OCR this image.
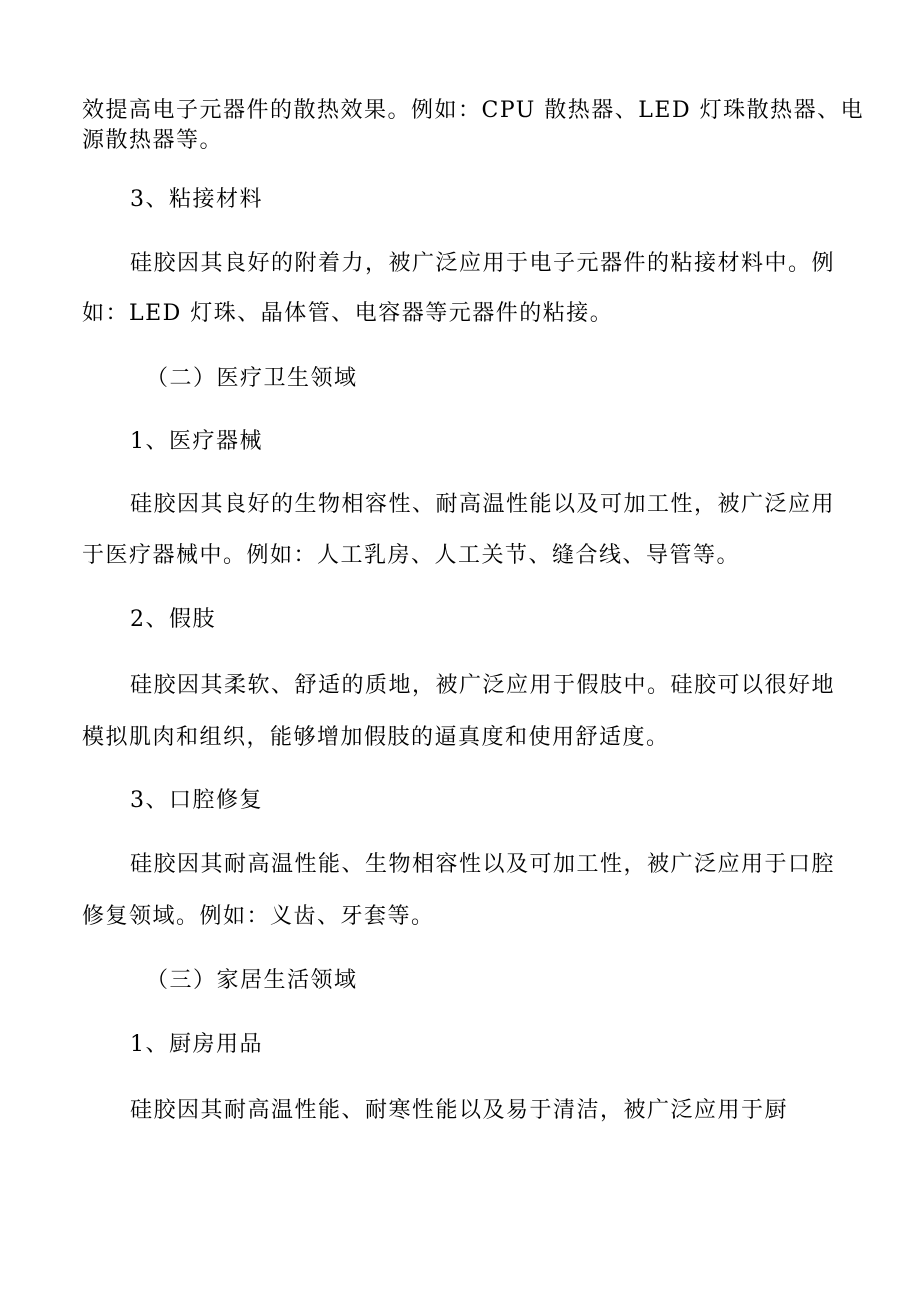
效提高电子元器件的散热效果。例如：CPU 散热器、LED 灯珠散热器、电
源散热器等。
3、粘接材料
硅胶因其良好的附着力，被广泛应用于电子元器件的粘接材料中。例
如：LED 灯珠、晶体管、电容器等元器件的粘接。
（二）医疗卫生领域
1、医疗器械
硅胶因其良好的生物相容性、耐高温性能以及可加工性，被广泛应用
于医疗器械中。例如：人工乳房、人工关节、缝合线、导管等。
2、假肢
硅胶因其柔软、舒适的质地，被广泛应用于假肢中。硅胶可以很好地
模拟肌肉和组织，能够增加假肢的逼真度和使用舒适度。
3、口腔修复
硅胶因其耐高温性能、生物相容性以及可加工性，被广泛应用于口腔
修复领域。例如：义齿、牙套等。
（三）家居生活领域
1、厨房用品
硅胶因其耐高温性能、耐寒性能以及易于清洁，被广泛应用于厨
